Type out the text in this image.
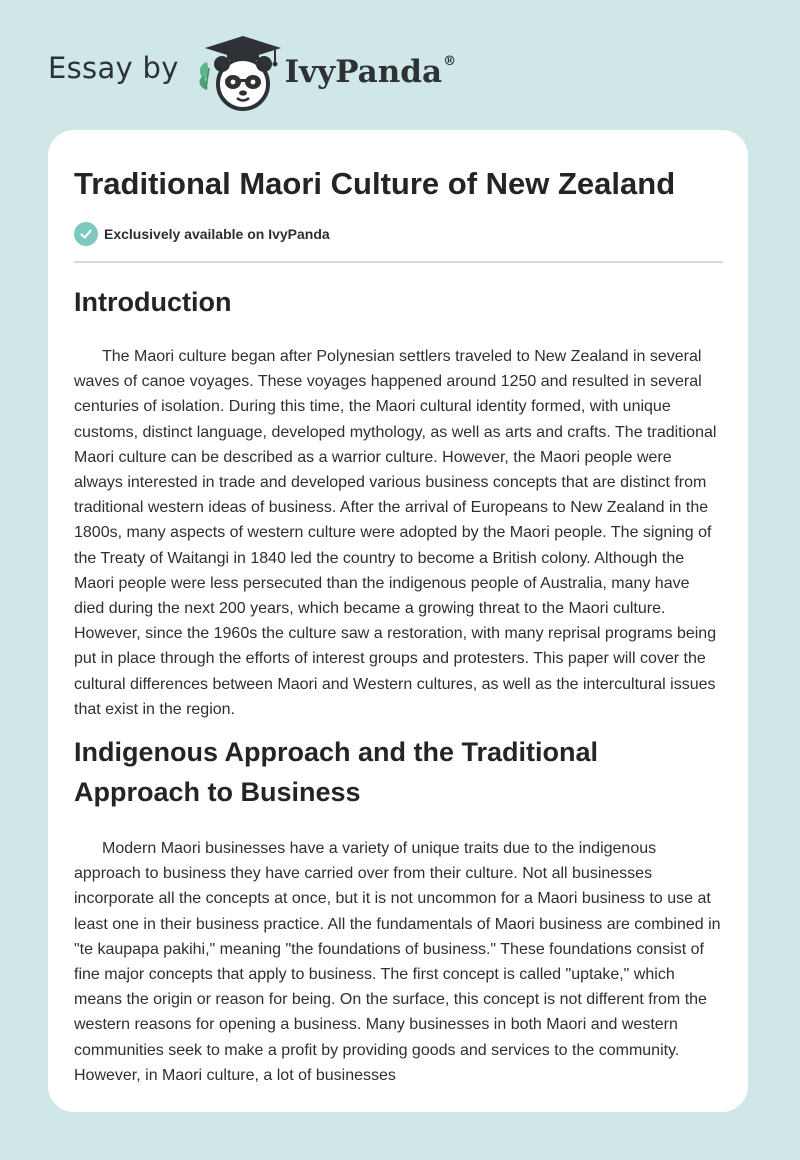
Essay by	IvyPanda®
Traditional Maori Culture of New Zealand
Exclusively available on IvyPanda
Introduction

The Maori culture began after Polynesian settlers traveled to New Zealand in several waves of canoe voyages. These voyages happened around 1250 and resulted in several centuries of isolation. During this time, the Maori cultural identity formed, with unique customs, distinct language, developed mythology, as well as arts and crafts. The traditional Maori culture can be described as a warrior culture. However, the Maori people were always interested in trade and developed various business concepts that are distinct from traditional western ideas of business. After the arrival of Europeans to New Zealand in the 1800s, many aspects of western culture were adopted by the Maori people. The signing of the Treaty of Waitangi in 1840 led the country to become a British colony. Although the Maori people were less persecuted than the indigenous people of Australia, many have died during the next 200 years, which became a growing threat to the Maori culture. However, since the 1960s the culture saw a restoration, with many reprisal programs being put in place through the efforts of interest groups and protesters. This paper will cover the cultural differences between Maori and Western cultures, as well as the intercultural issues that exist in the region.

Indigenous Approach and the Traditional Approach to Business

Modern Maori businesses have a variety of unique traits due to the indigenous approach to business they have carried over from their culture. Not all businesses incorporate all the concepts at once, but it is not uncommon for a Maori business to use at least one in their business practice. All the fundamentals of Maori business are combined in "te kaupapa pakihi," meaning "the foundations of business." These foundations consist of fine major concepts that apply to business. The first concept is called "uptake," which means the origin or reason for being. On the surface, this concept is not different from the western reasons for opening a business. Many businesses in both Maori and western communities seek to make a profit by providing goods and services to the community. However, in Maori culture, a lot of businesses
